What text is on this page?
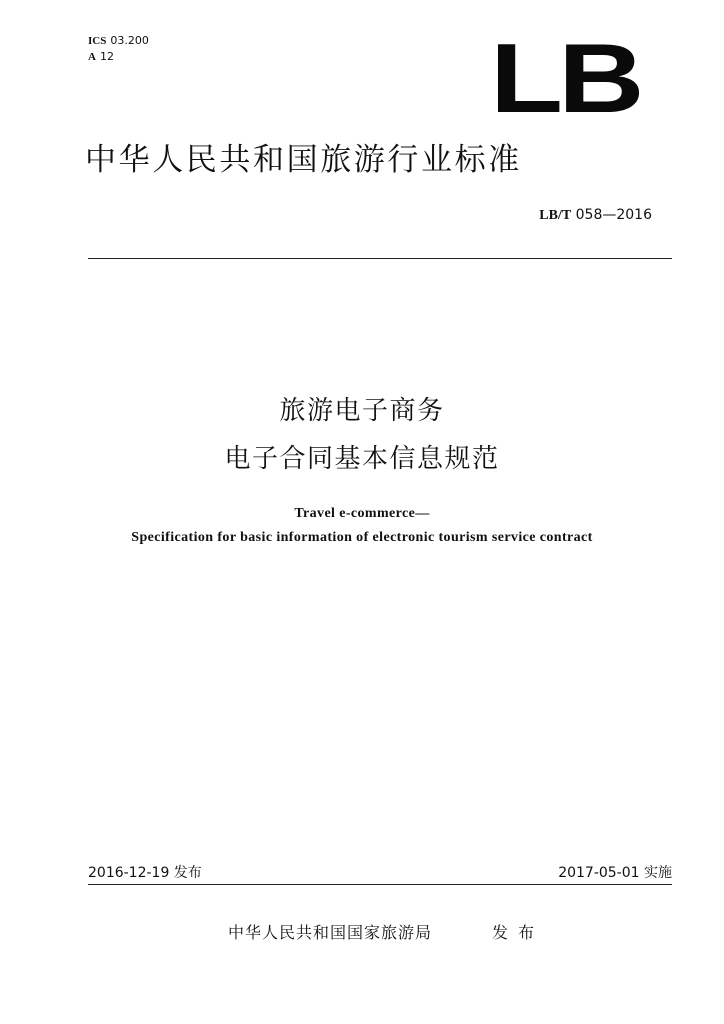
ICS 03.200
A 12	LB
中华人民共和国旅游行业标准
LB/T 058—2016
旅游电子商务
电子合同基本信息规范
Travel e-commerce—
Specification for basic information of electronic tourism service contract
2016-12-19 发布	2017-05-01 实施
中华人民共和国国家旅游局	发布
